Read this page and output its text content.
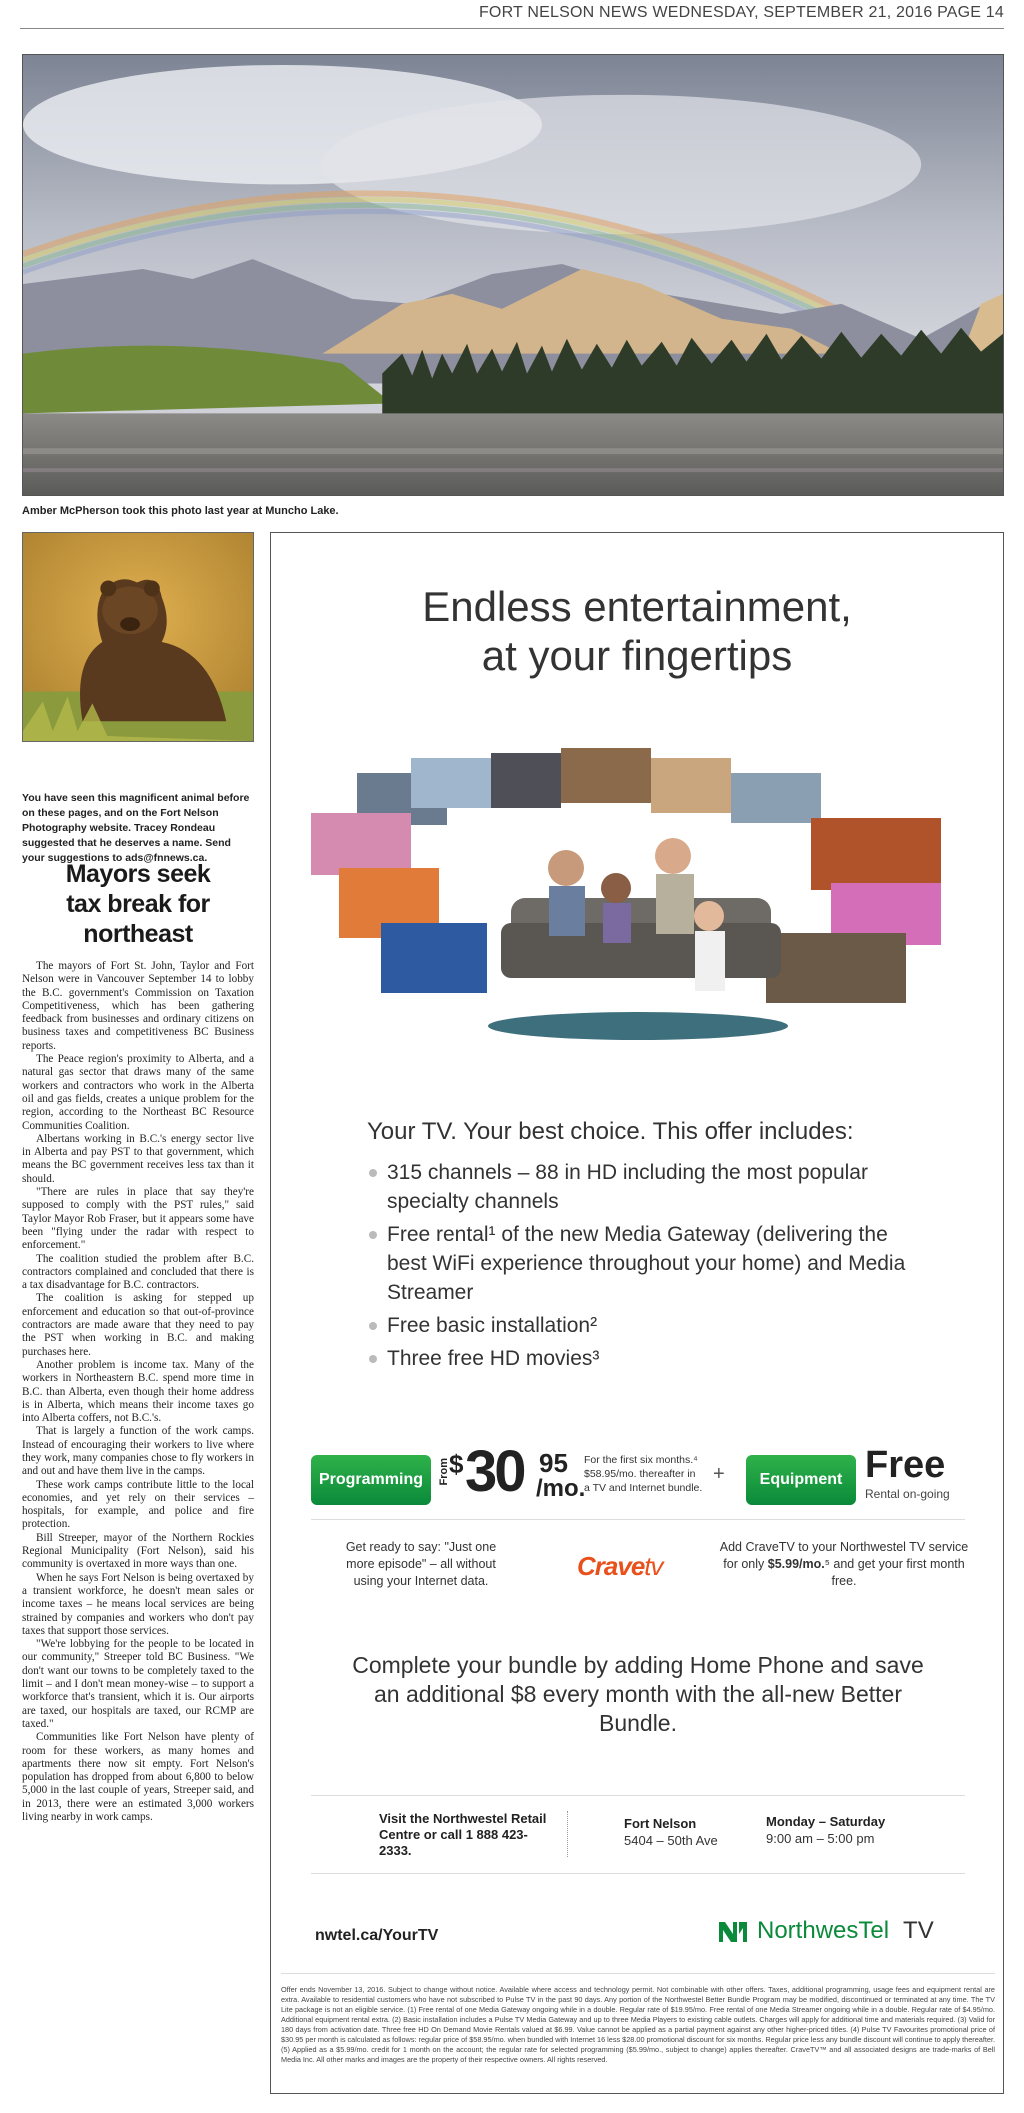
FORT NELSON NEWS WEDNESDAY, SEPTEMBER 21, 2016 PAGE 14
Amber McPherson took this photo last year at Muncho Lake.
You have seen this magnificent animal before on these pages, and on the Fort Nelson Photography website. Tracey Rondeau suggested that he deserves a name. Send your suggestions to ads@fnnews.ca.
Mayors seek
tax break for
northeast

The mayors of Fort St. John, Taylor and Fort Nelson were in Vancouver September 14 to lobby the B.C. government's Commission on Taxation Competitiveness, which has been gathering feedback from businesses and ordinary citizens on business taxes and competitiveness BC Business reports.

The Peace region's proximity to Alberta, and a natural gas sector that draws many of the same workers and contractors who work in the Alberta oil and gas fields, creates a unique problem for the region, according to the Northeast BC Resource Communities Coalition.

Albertans working in B.C.'s energy sector live in Alberta and pay PST to that government, which means the BC government receives less tax than it should.

"There are rules in place that say they're supposed to comply with the PST rules," said Taylor Mayor Rob Fraser, but it appears some have been "flying under the radar with respect to enforcement."

The coalition studied the problem after B.C. contractors complained and concluded that there is a tax disadvantage for B.C. contractors.

The coalition is asking for stepped up enforcement and education so that out-of-province contractors are made aware that they need to pay the PST when working in B.C. and making purchases here.

Another problem is income tax. Many of the workers in Northeastern B.C. spend more time in B.C. than Alberta, even though their home address is in Alberta, which means their income taxes go into Alberta coffers, not B.C.'s.

That is largely a function of the work camps. Instead of encouraging their workers to live where they work, many companies chose to fly workers in and out and have them live in the camps.

These work camps contribute little to the local economies, and yet rely on their services – hospitals, for example, and police and fire protection.

Bill Streeper, mayor of the Northern Rockies Regional Municipality (Fort Nelson), said his community is overtaxed in more ways than one.

When he says Fort Nelson is being overtaxed by a transient workforce, he doesn't mean sales or income taxes – he means local services are being strained by companies and workers who don't pay taxes that support those services.

"We're lobbying for the people to be located in our community," Streeper told BC Business. "We don't want our towns to be completely taxed to the limit – and I don't mean money-wise – to support a workforce that's transient, which it is. Our airports are taxed, our hospitals are taxed, our RCMP are taxed."

Communities like Fort Nelson have plenty of room for these workers, as many homes and apartments there now sit empty. Fort Nelson's population has dropped from about 6,800 to below 5,000 in the last couple of years, Streeper said, and in 2013, there were an estimated 3,000 workers living nearby in work camps.

Endless entertainment,
at your fingertips
Your TV. Your best choice. This offer includes:
315 channels – 88 in HD including the most popular specialty channels
Free rental¹ of the new Media Gateway (delivering the best WiFi experience throughout your home) and Media Streamer
Free basic installation²
Three free HD movies³
Programming	From $ 30 95
/mo.
For the first six months.⁴ $58.95/mo. thereafter in a TV and Internet bundle.
+	Equipment Free
Rental on-going
Get ready to say: "Just one more episode" – all without using your Internet data.	Cravetv
Add CraveTV to your Northwestel TV service for only $5.99/mo.⁵ and get your first month free.
Complete your bundle by adding Home Phone and save an additional $8 every month with the all-new Better Bundle.
Visit the Northwestel Retail Centre or call 1 888 423-2333.
Fort Nelson
5404 – 50th Ave
Monday – Saturday
9:00 am – 5:00 pm
nwtel.ca/YourTV	NorthwesTel TV
Offer ends November 13, 2016. Subject to change without notice. Available where access and technology permit. Not combinable with other offers. Taxes, additional programming, usage fees and equipment rental are extra. Available to residential customers who have not subscribed to Pulse TV in the past 90 days. Any portion of the Northwestel Better Bundle Program may be modified, discontinued or terminated at any time. The TV Lite package is not an eligible service. (1) Free rental of one Media Gateway ongoing while in a double. Regular rate of $19.95/mo. Free rental of one Media Streamer ongoing while in a double. Regular rate of $4.95/mo. Additional equipment rental extra. (2) Basic installation includes a Pulse TV Media Gateway and up to three Media Players to existing cable outlets. Charges will apply for additional time and materials required. (3) Valid for 180 days from activation date. Three free HD On Demand Movie Rentals valued at $6.99. Value cannot be applied as a partial payment against any other higher-priced titles. (4) Pulse TV Favourites promotional price of $30.95 per month is calculated as follows: regular price of $58.95/mo. when bundled with Internet 16 less $28.00 promotional discount for six months. Regular price less any bundle discount will continue to apply thereafter. (5) Applied as a $5.99/mo. credit for 1 month on the account; the regular rate for selected programming ($5.99/mo., subject to change) applies thereafter. CraveTV™ and all associated designs are trade-marks of Bell Media Inc. All other marks and images are the property of their respective owners. All rights reserved.
